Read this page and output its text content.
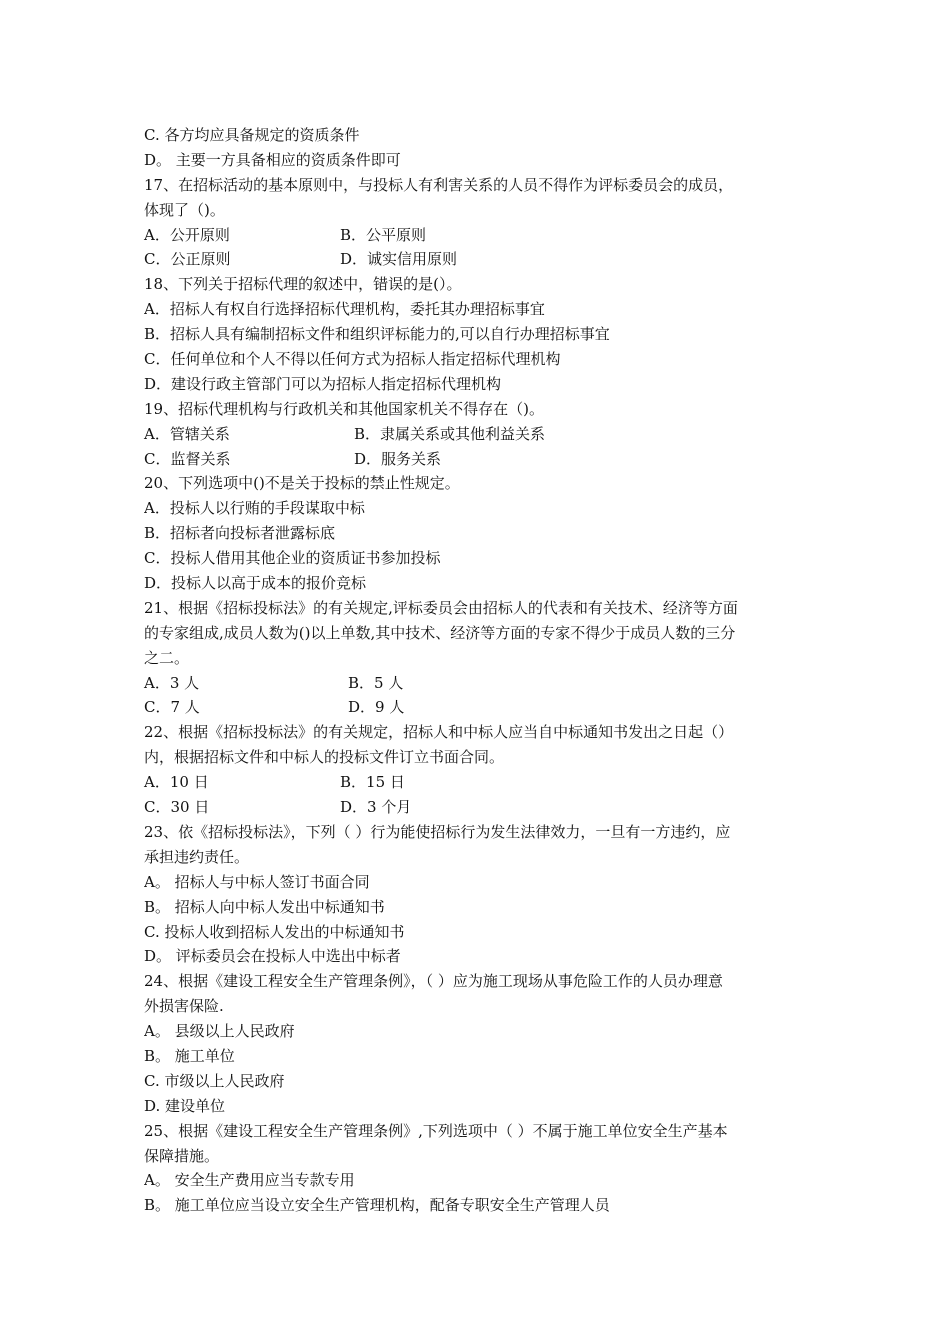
C. 各方均应具备规定的资质条件
D。 主要一方具备相应的资质条件即可
17、在招标活动的基本原则中，与投标人有利害关系的人员不得作为评标委员会的成员，
体现了（)。
A．公开原则	B．公平原则
C．公正原则	D．诚实信用原则
18、下列关于招标代理的叙述中，错误的是(）。
A．招标人有权自行选择招标代理机构，委托其办理招标事宜
B．招标人具有编制招标文件和组织评标能力的,可以自行办理招标事宜
C．任何单位和个人不得以任何方式为招标人指定招标代理机构
D．建设行政主管部门可以为招标人指定招标代理机构
19、招标代理机构与行政机关和其他国家机关不得存在（)。
A．管辖关系	B．隶属关系或其他利益关系
C．监督关系	D．服务关系
20、下列选项中()不是关于投标的禁止性规定。
A．投标人以行贿的手段谋取中标
B．招标者向投标者泄露标底
C．投标人借用其他企业的资质证书参加投标
D．投标人以高于成本的报价竞标
21、根据《招标投标法》的有关规定,评标委员会由招标人的代表和有关技术、经济等方面
的专家组成,成员人数为()以上单数,其中技术、经济等方面的专家不得少于成员人数的三分
之二。
A．3 人	B．5 人
C．7 人	D．9 人
22、根据《招标投标法》的有关规定，招标人和中标人应当自中标通知书发出之日起（）
内，根据招标文件和中标人的投标文件订立书面合同。
A．10 日	B．15 日
C．30 日	D．3 个月
23、依《招标投标法》，下列（ ）行为能使招标行为发生法律效力，一旦有一方违约，应
承担违约责任。
A。 招标人与中标人签订书面合同
B。 招标人向中标人发出中标通知书
C. 投标人收到招标人发出的中标通知书
D。 评标委员会在投标人中选出中标者
24、根据《建设工程安全生产管理条例》，（ ）应为施工现场从事危险工作的人员办理意
外损害保险.
A。 县级以上人民政府
B。 施工单位
C. 市级以上人民政府
D. 建设单位
25、根据《建设工程安全生产管理条例》,下列选项中（ ）不属于施工单位安全生产基本
保障措施。
A。 安全生产费用应当专款专用
B。 施工单位应当设立安全生产管理机构，配备专职安全生产管理人员
